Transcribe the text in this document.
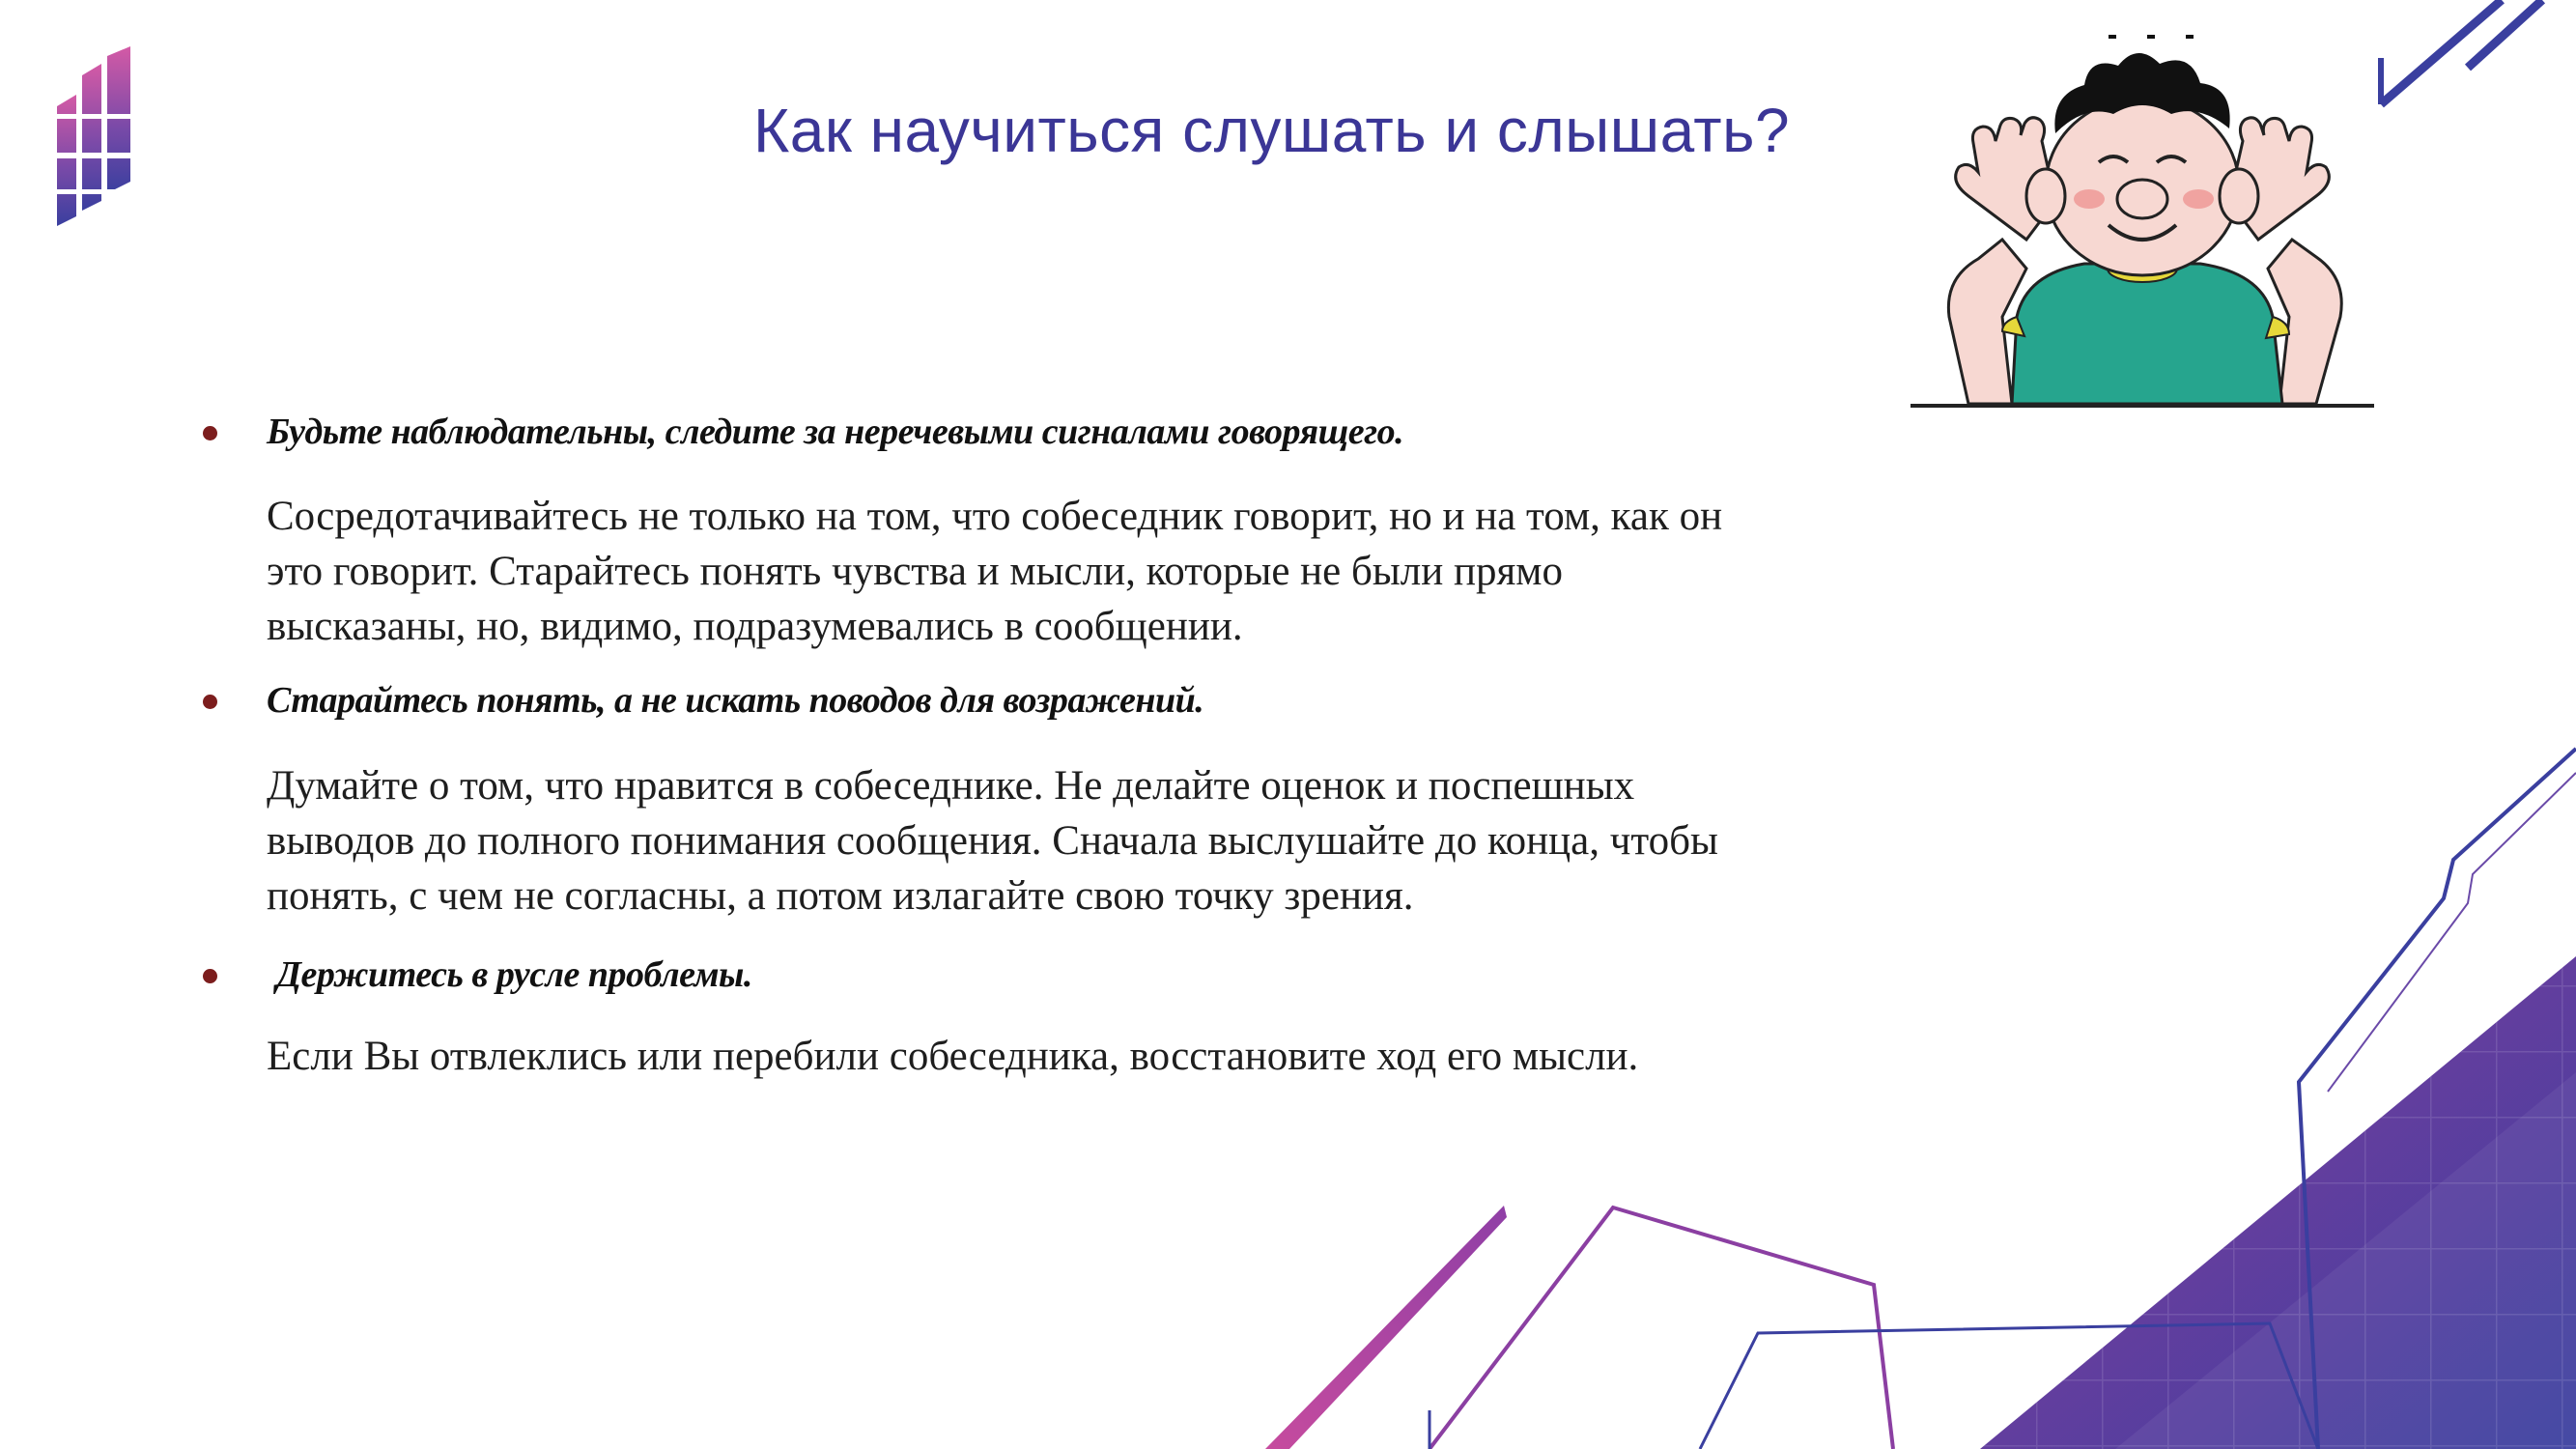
Как научиться слушать и слышать?
Будьте наблюдательны, следите за неречевыми сигналами говорящего.
Сосредотачивайтесь не только на том, что собеседник говорит, но и на том, как он
это говорит. Старайтесь понять чувства и мысли, которые не были прямо
высказаны, но, видимо, подразумевались в сообщении.
Старайтесь понять, а не искать поводов для возражений.
Думайте о том, что нравится в собеседнике. Не делайте оценок и поспешных
выводов до полного понимания сообщения. Сначала выслушайте до конца, чтобы
понять, с чем не согласны, а потом излагайте свою точку зрения.
Держитесь в русле проблемы.
Если Вы отвлеклись или перебили собеседника, восстановите ход его мысли.
